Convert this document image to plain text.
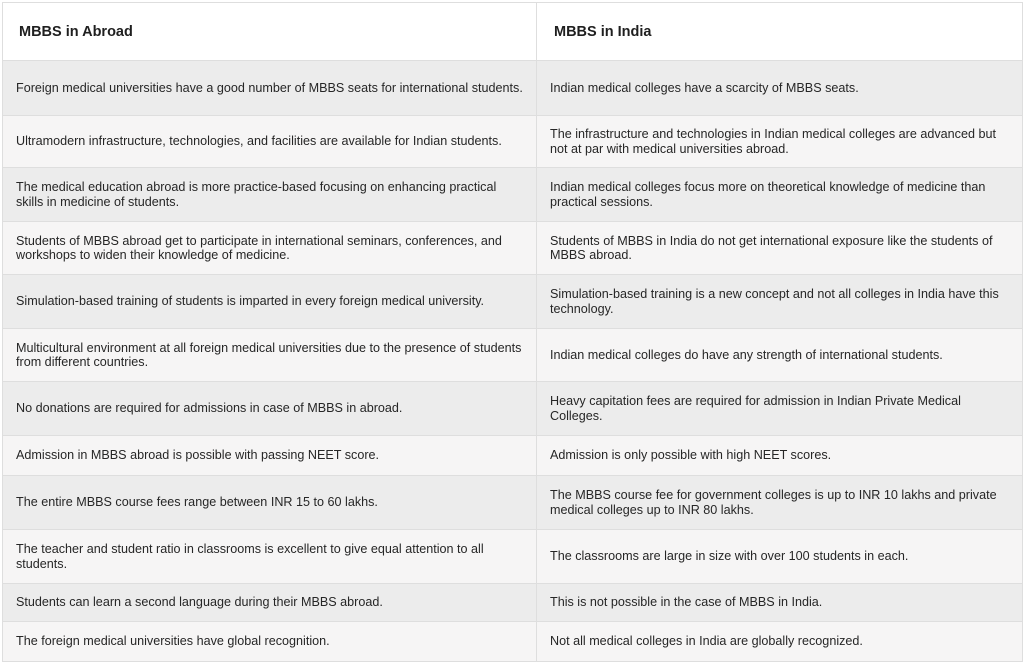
MBBS in Abroad	MBBS in India
Foreign medical universities have a good number of MBBS seats for international students.	Indian medical colleges have a scarcity of MBBS seats.
Ultramodern infrastructure, technologies, and facilities are available for Indian students.	The infrastructure and technologies in Indian medical colleges are advanced but not at par with medical universities abroad.
The medical education abroad is more practice-based focusing on enhancing practical skills in medicine of students.	Indian medical colleges focus more on theoretical knowledge of medicine than practical sessions.
Students of MBBS abroad get to participate in international seminars, conferences, and workshops to widen their knowledge of medicine.	Students of MBBS in India do not get international exposure like the students of MBBS abroad.
Simulation-based training of students is imparted in every foreign medical university.	Simulation-based training is a new concept and not all colleges in India have this technology.
Multicultural environment at all foreign medical universities due to the presence of students from different countries.	Indian medical colleges do have any strength of international students.
No donations are required for admissions in case of MBBS in abroad.	Heavy capitation fees are required for admission in Indian Private Medical Colleges.
Admission in MBBS abroad is possible with passing NEET score.	Admission is only possible with high NEET scores.
The entire MBBS course fees range between INR 15 to 60 lakhs.	The MBBS course fee for government colleges is up to INR 10 lakhs and private medical colleges up to INR 80 lakhs.
The teacher and student ratio in classrooms is excellent to give equal attention to all students.	The classrooms are large in size with over 100 students in each.
Students can learn a second language during their MBBS abroad.	This is not possible in the case of MBBS in India.
The foreign medical universities have global recognition.	Not all medical colleges in India are globally recognized.
